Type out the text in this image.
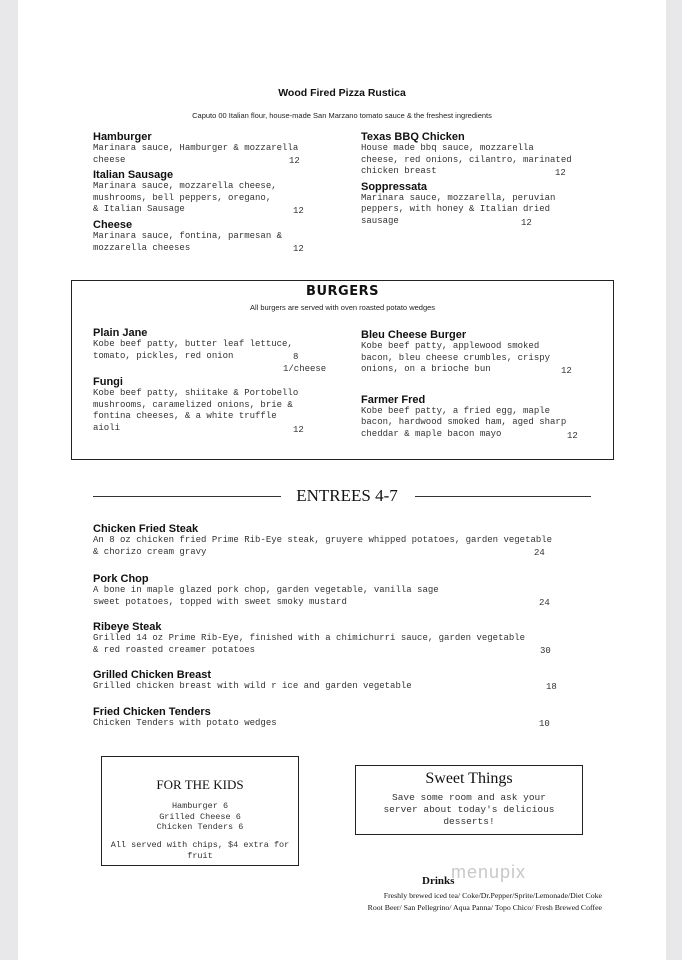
Wood Fired Pizza Rustica
Caputo 00 Italian flour, house-made San Marzano tomato sauce & the freshest ingredients
Hamburger
Marinara sauce, Hamburger & mozzarella
cheese	12
Italian Sausage
Marinara sauce, mozzarella cheese,
mushrooms, bell peppers, oregano,
& Italian Sausage	12
Cheese
Marinara sauce, fontina, parmesan &
mozzarella cheeses	12
Texas BBQ Chicken
House made bbq sauce, mozzarella
cheese, red onions, cilantro, marinated
chicken breast	12
Soppressata
Marinara sauce, mozzarella, peruvian
peppers, with honey & Italian dried
sausage	12
BURGERS
All burgers are served with oven roasted potato wedges
Plain Jane
Kobe beef patty, butter leaf lettuce,
tomato, pickles, red onion	8
1/cheese
Fungi
Kobe beef patty, shiitake & Portobello
mushrooms, caramelized onions, brie &
fontina cheeses, & a white truffle
aioli	12
Bleu Cheese Burger
Kobe beef patty, applewood smoked
bacon, bleu cheese crumbles, crispy
onions, on a brioche bun	12
Farmer Fred
Kobe beef patty, a fried egg, maple
bacon, hardwood smoked ham, aged sharp
cheddar & maple bacon mayo	12
ENTREES 4-7
Chicken Fried Steak
An 8 oz chicken fried Prime Rib-Eye steak, gruyere whipped potatoes, garden vegetable
& chorizo cream gravy	24
Pork Chop
A bone in maple glazed pork chop, garden vegetable, vanilla sage
sweet potatoes, topped with sweet smoky mustard	24
Ribeye Steak
Grilled 14 oz Prime Rib-Eye, finished with a chimichurri sauce, garden vegetable
& red roasted creamer potatoes	30
Grilled Chicken Breast
Grilled chicken breast with wild r ice and garden vegetable	18
Fried Chicken Tenders
Chicken Tenders with potato wedges	10
FOR THE KIDS
Hamburger 6
Grilled Cheese 6
Chicken Tenders 6
All served with chips, $4 extra for
fruit
Sweet Things
Save some room and ask your
server about today's delicious
desserts!
menupix
Drinks
Freshly brewed iced tea/ Coke/Dr.Pepper/Sprite/Lemonade/Diet Coke
Root Beer/ San Pellegrino/ Aqua Panna/ Topo Chico/ Fresh Brewed Coffee
